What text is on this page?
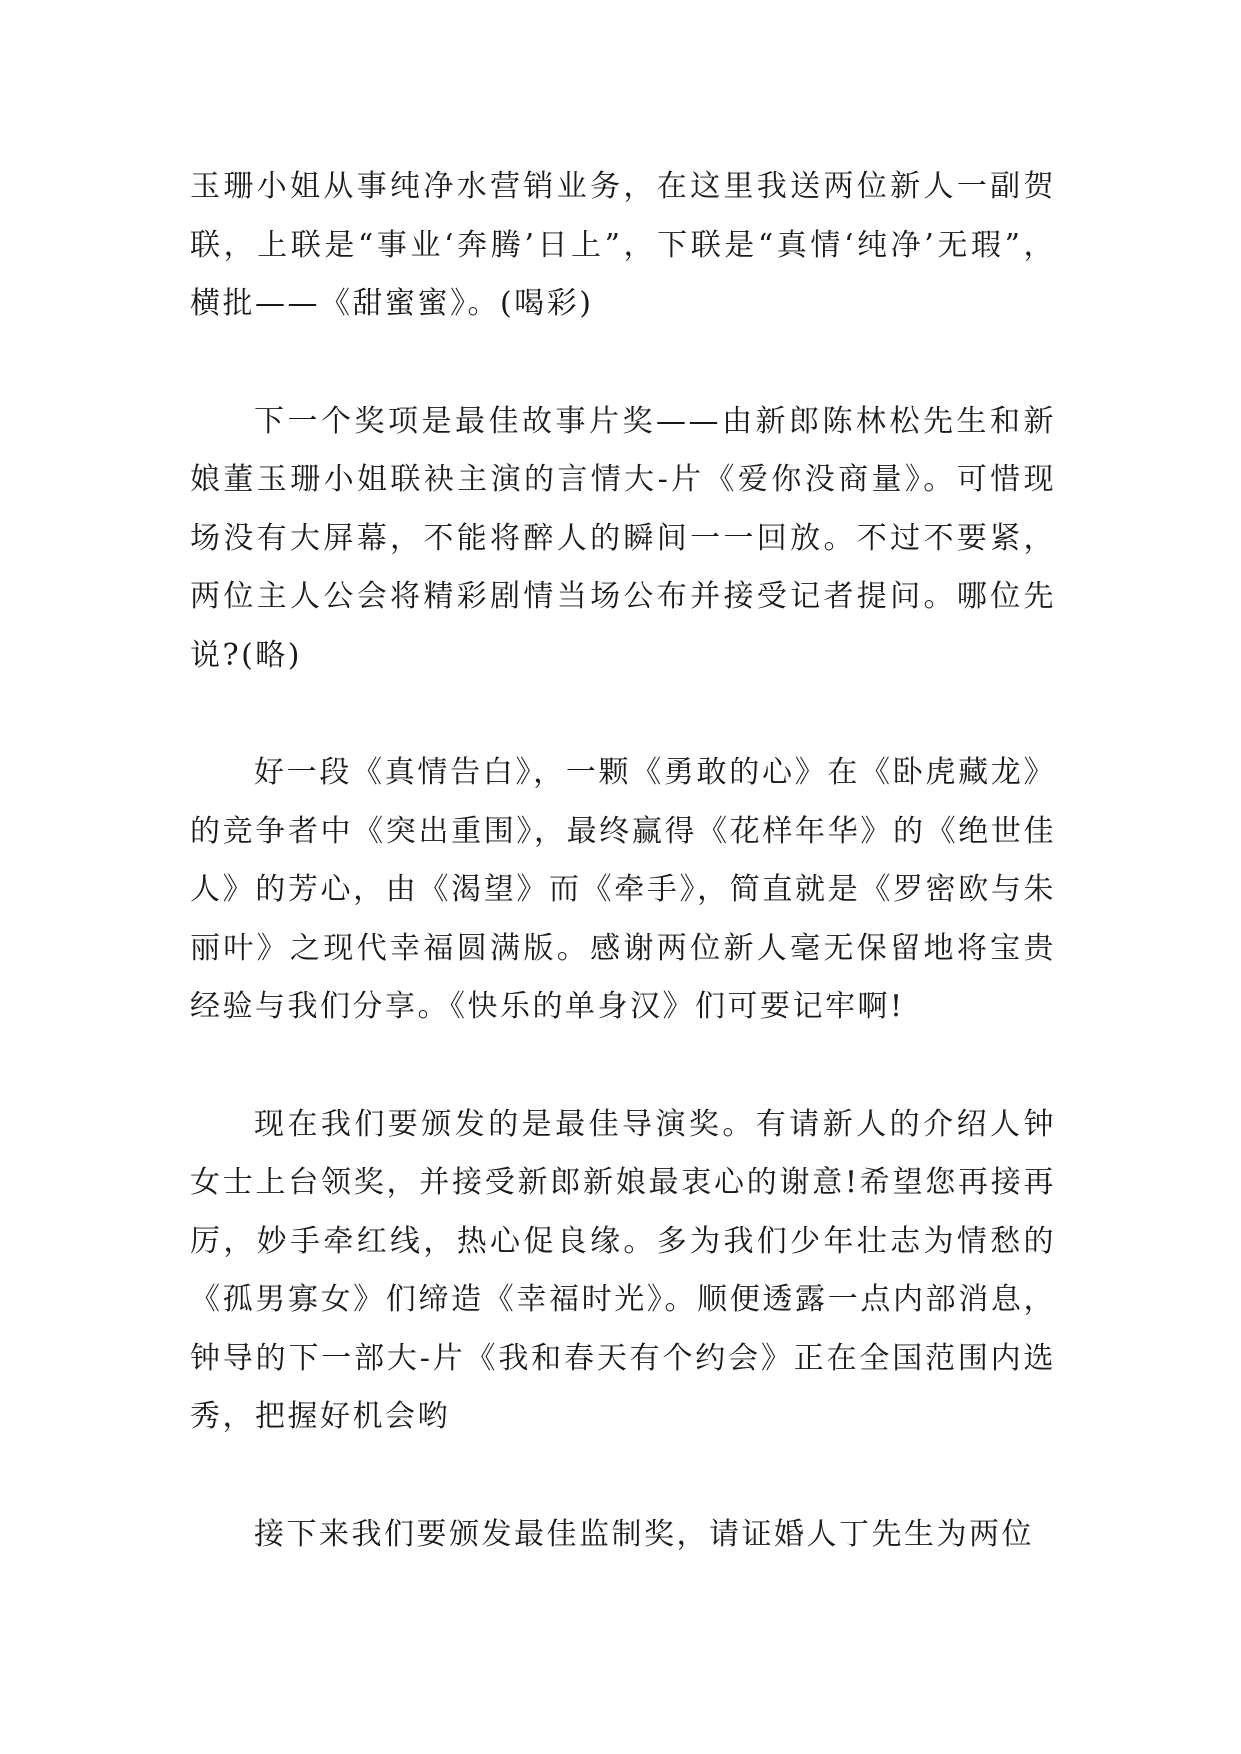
玉珊小姐从事纯净水营销业务，在这里我送两位新人一副贺联，上联是“事业‘奔腾’日上”，下联是“真情‘纯净’无瑕”，横批——《甜蜜蜜》。(喝彩)

下一个奖项是最佳故事片奖——由新郎陈林松先生和新娘董玉珊小姐联袂主演的言情大-片《爱你没商量》。可惜现场没有大屏幕，不能将醉人的瞬间一一回放。不过不要紧，两位主人公会将精彩剧情当场公布并接受记者提问。哪位先说?(略)

好一段《真情告白》，一颗《勇敢的心》在《卧虎藏龙》的竞争者中《突出重围》，最终赢得《花样年华》的《绝世佳人》的芳心，由《渴望》而《牵手》，简直就是《罗密欧与朱丽叶》之现代幸福圆满版。感谢两位新人毫无保留地将宝贵经验与我们分享。《快乐的单身汉》们可要记牢啊!

现在我们要颁发的是最佳导演奖。有请新人的介绍人钟女士上台领奖，并接受新郎新娘最衷心的谢意!希望您再接再厉，妙手牵红线，热心促良缘。多为我们少年壮志为情愁的《孤男寡女》们缔造《幸福时光》。顺便透露一点内部消息，钟导的下一部大-片《我和春天有个约会》正在全国范围内选秀，把握好机会哟

接下来我们要颁发最佳监制奖，请证婚人丁先生为两位
